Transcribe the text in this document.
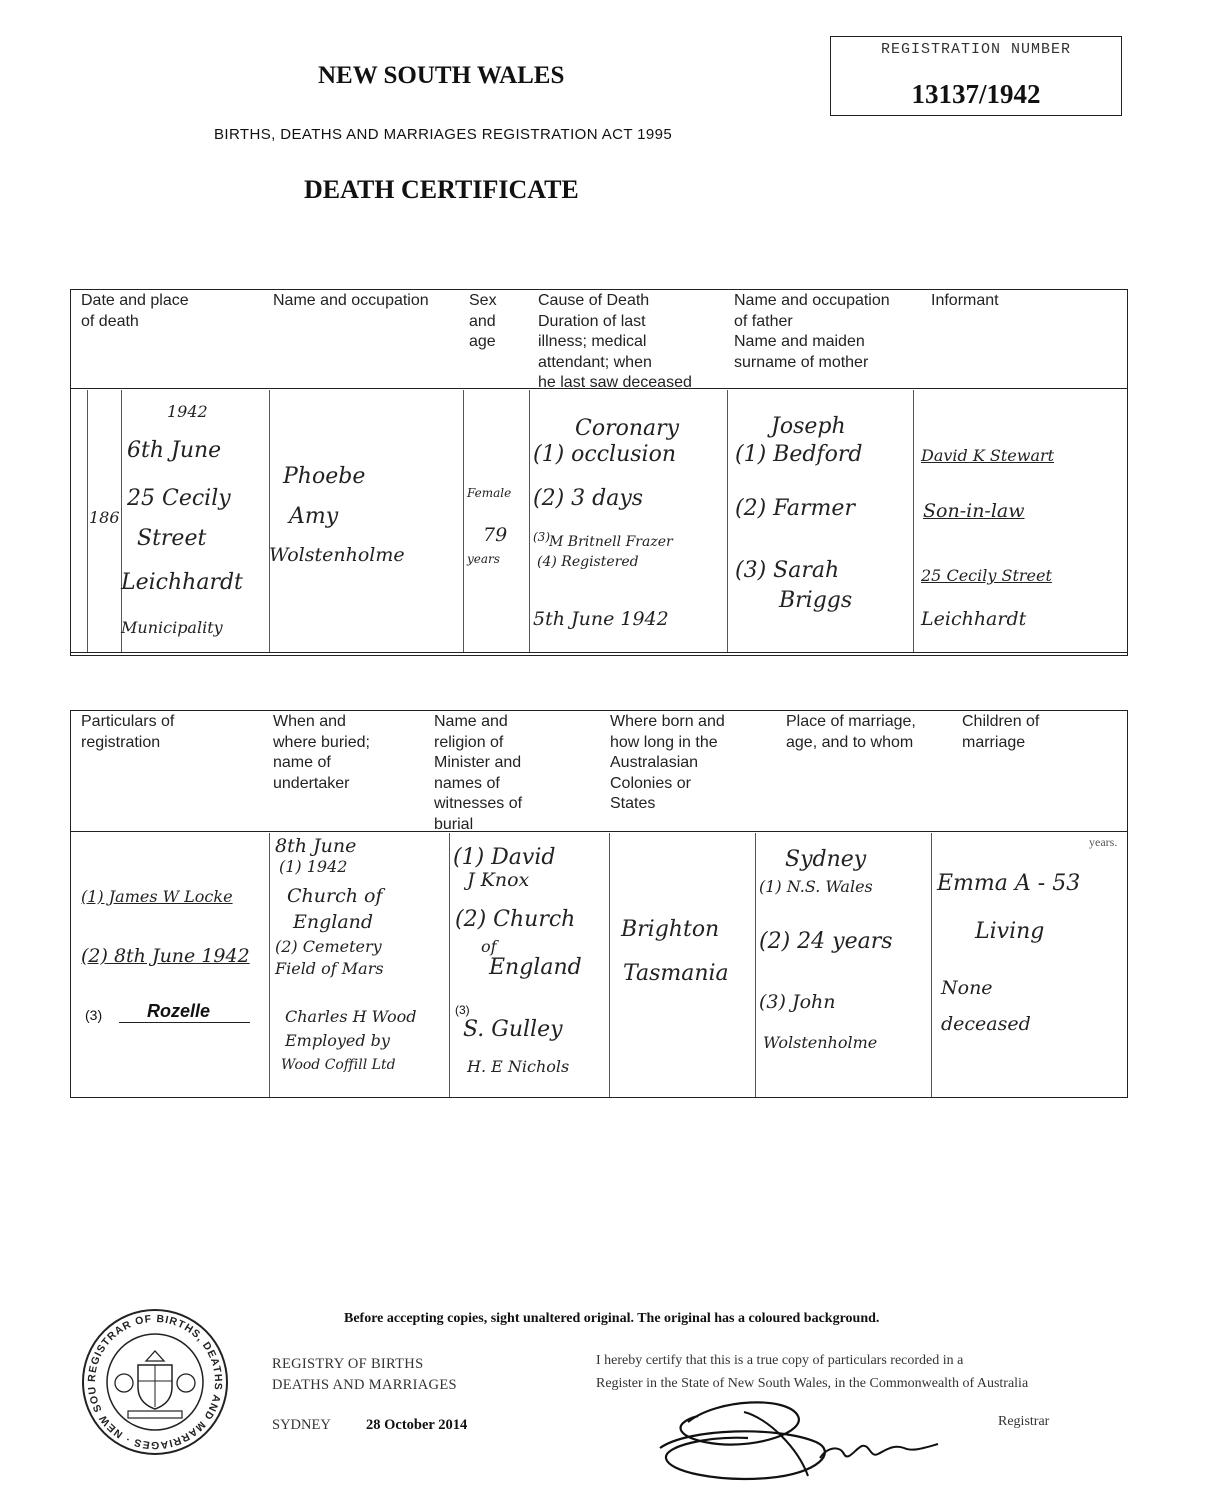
REGISTRATION NUMBER
13137/1942
NEW SOUTH WALES
BIRTHS, DEATHS AND MARRIAGES REGISTRATION ACT 1995
DEATH CERTIFICATE
Date and place
of death
Name and occupation	Sex
and
age
Cause of Death
Duration of last
illness; medical
attendant; when
he last saw deceased
Name and occupation
of father
Name and maiden
surname of mother
Informant
186
1942
6th June
25 Cecily
Street
Leichhardt
Municipality
Phoebe
Amy
Wolstenholme
Female
79
years
Coronary
(1) occlusion
(2) 3 days
(3) M Britnell Frazer
(4) Registered
5th June 1942
Joseph
(1) Bedford
(2) Farmer
(3) Sarah
Briggs
David K Stewart
Son-in-law
25 Cecily Street
Leichhardt
Particulars of
registration
When and
where buried;
name of
undertaker
Name and
religion of
Minister and
names of
witnesses of
burial
Where born and
how long in the
Australasian
Colonies or
States
Place of marriage,
age, and to whom
Children of
marriage
(1) James W Locke
(2) 8th June 1942
(3)	Rozelle
8th June
(1) 1942
Church of
England
(2) Cemetery
Field of Mars
Charles H Wood
Employed by
Wood Coffill Ltd
(1) David
J Knox
(2) Church
of
England
(3)
S. Gulley
H. E Nichols
Brighton
Tasmania
Sydney
(1) N.S. Wales
(2) 24 years
(3) John
Wolstenholme
years.
Emma A - 53
Living
None
deceased
REGISTRAR OF BIRTHS, DEATHS AND MARRIAGES · NEW SOU
Before accepting copies, sight unaltered original. The original has a coloured background.
REGISTRY OF BIRTHS
DEATHS AND MARRIAGES
SYDNEY 28 October 2014
I hereby certify that this is a true copy of particulars recorded in a
Register in the State of New South Wales, in the Commonwealth of Australia
Registrar
